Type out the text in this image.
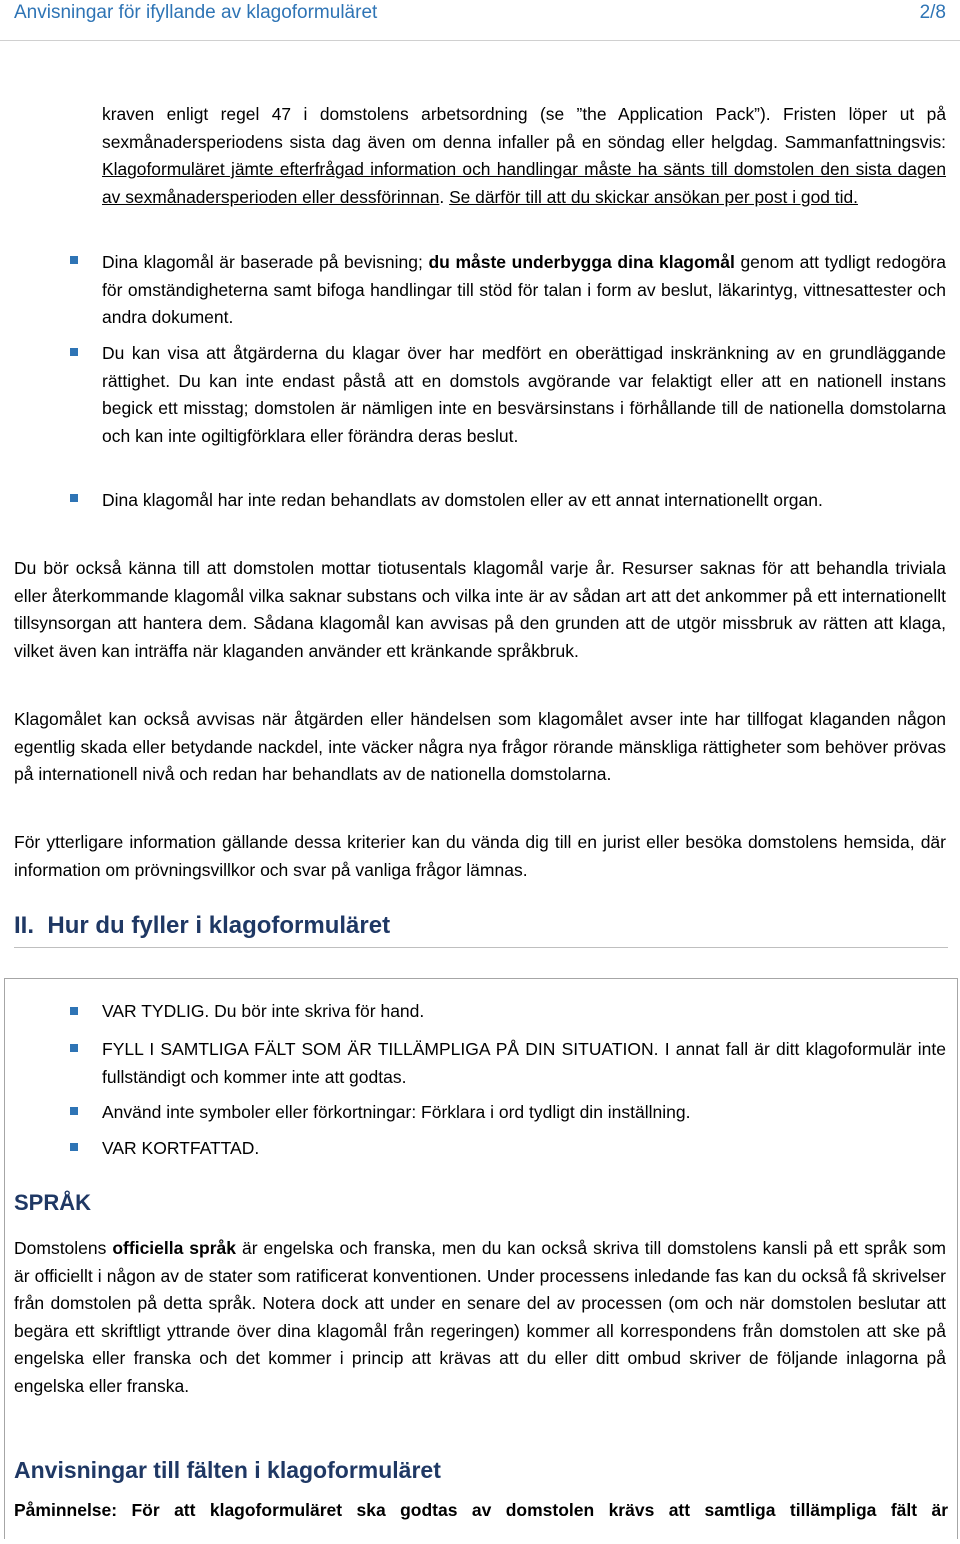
Anvisningar för ifyllande av klagoformuläret	2/8
kraven enligt regel 47 i domstolens arbetsordning (se ”the Application Pack”). Fristen löper ut på sexmånadersperiodens sista dag även om denna infaller på en söndag eller helgdag. Sammanfattningsvis: Klagoformuläret jämte efterfrågad information och handlingar måste ha sänts till domstolen den sista dagen av sexmånadersperioden eller dessförinnan. Se därför till att du skickar ansökan per post i god tid.
Dina klagomål är baserade på bevisning; du måste underbygga dina klagomål genom att tydligt redogöra för omständigheterna samt bifoga handlingar till stöd för talan i form av beslut, läkarintyg, vittnesattester och andra dokument.
Du kan visa att åtgärderna du klagar över har medfört en oberättigad inskränkning av en grundläggande rättighet. Du kan inte endast påstå att en domstols avgörande var felaktigt eller att en nationell instans begick ett misstag; domstolen är nämligen inte en besvärsinstans i förhållande till de nationella domstolarna och kan inte ogiltigförklara eller förändra deras beslut.
Dina klagomål har inte redan behandlats av domstolen eller av ett annat internationellt organ.
Du bör också känna till att domstolen mottar tiotusentals klagomål varje år. Resurser saknas för att behandla triviala eller återkommande klagomål vilka saknar substans och vilka inte är av sådan art att det ankommer på ett internationellt tillsynsorgan att hantera dem. Sådana klagomål kan avvisas på den grunden att de utgör missbruk av rätten att klaga, vilket även kan inträffa när klaganden använder ett kränkande språkbruk.
Klagomålet kan också avvisas när åtgärden eller händelsen som klagomålet avser inte har tillfogat klaganden någon egentlig skada eller betydande nackdel, inte väcker några nya frågor rörande mänskliga rättigheter som behöver prövas på internationell nivå och redan har behandlats av de nationella domstolarna.
För ytterligare information gällande dessa kriterier kan du vända dig till en jurist eller besöka domstolens hemsida, där information om prövningsvillkor och svar på vanliga frågor lämnas.
II. Hur du fyller i klagoformuläret
VAR TYDLIG. Du bör inte skriva för hand.
FYLL I SAMTLIGA FÄLT SOM ÄR TILLÄMPLIGA PÅ DIN SITUATION. I annat fall är ditt klagoformulär inte fullständigt och kommer inte att godtas.
Använd inte symboler eller förkortningar: Förklara i ord tydligt din inställning.
VAR KORTFATTAD.
SPRÅK
Domstolens officiella språk är engelska och franska, men du kan också skriva till domstolens kansli på ett språk som är officiellt i någon av de stater som ratificerat konventionen. Under processens inledande fas kan du också få skrivelser från domstolen på detta språk. Notera dock att under en senare del av processen (om och när domstolen beslutar att begära ett skriftligt yttrande över dina klagomål från regeringen) kommer all korrespondens från domstolen att ske på engelska eller franska och det kommer i princip att krävas att du eller ditt ombud skriver de följande inlagorna på engelska eller franska.
Anvisningar till fälten i klagoformuläret
Påminnelse: För att klagoformuläret ska godtas av domstolen krävs att samtliga tillämpliga fält är
